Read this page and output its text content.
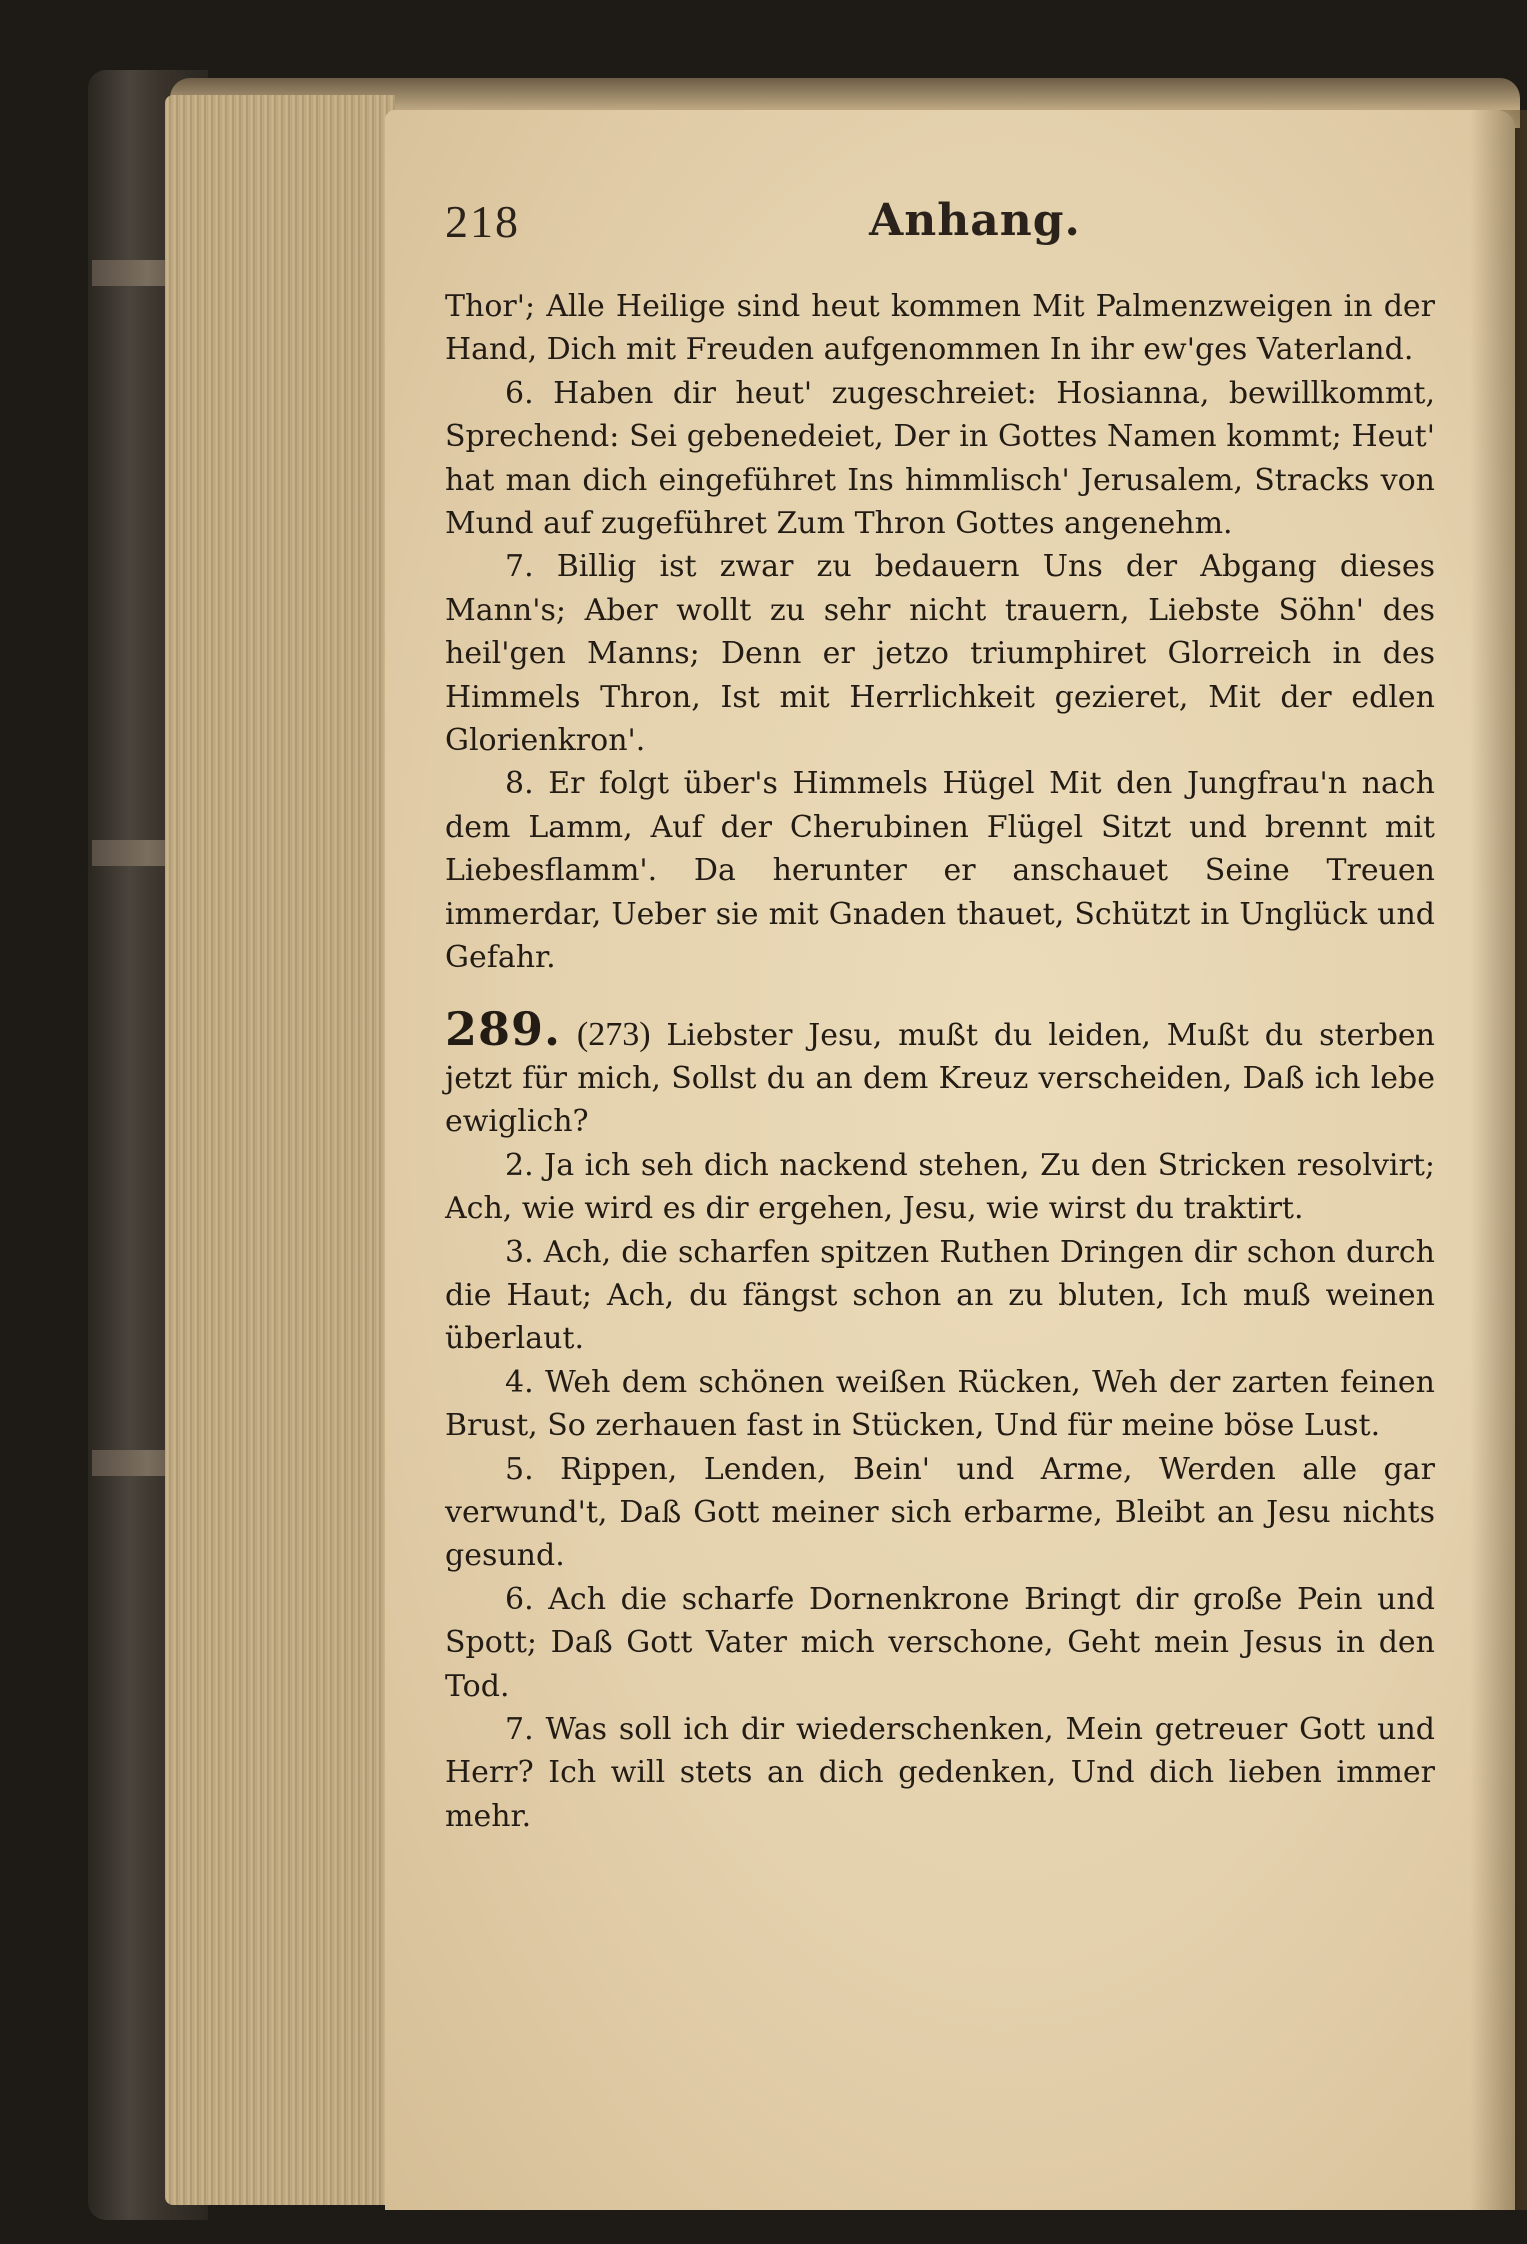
218	Anhang.

Thor'; Alle Heilige sind heut kommen Mit Palmenzweigen in der Hand, Dich mit Freuden aufgenommen In ihr ew'ges Vaterland.

6. Haben dir heut' zugeschreiet: Hosianna, bewillkommt, Sprechend: Sei gebenedeiet, Der in Gottes Namen kommt; Heut' hat man dich eingeführet Ins himmlisch' Jerusalem, Stracks von Mund auf zugeführet Zum Thron Gottes angenehm.

7. Billig ist zwar zu bedauern Uns der Abgang dieses Mann's; Aber wollt zu sehr nicht trauern, Liebste Söhn' des heil'gen Manns; Denn er jetzo triumphiret Glorreich in des Himmels Thron, Ist mit Herrlichkeit gezieret, Mit der edlen Glorienkron'.

8. Er folgt über's Himmels Hügel Mit den Jungfrau'n nach dem Lamm, Auf der Cherubinen Flügel Sitzt und brennt mit Liebesflamm'. Da herunter er anschauet Seine Treuen immerdar, Ueber sie mit Gnaden thauet, Schützt in Unglück und Gefahr.

289. (273) Liebster Jesu, mußt du leiden, Mußt du sterben jetzt für mich, Sollst du an dem Kreuz verscheiden, Daß ich lebe ewiglich?

2. Ja ich seh dich nackend stehen, Zu den Stricken resolvirt; Ach, wie wird es dir ergehen, Jesu, wie wirst du traktirt.

3. Ach, die scharfen spitzen Ruthen Dringen dir schon durch die Haut; Ach, du fängst schon an zu bluten, Ich muß weinen überlaut.

4. Weh dem schönen weißen Rücken, Weh der zarten feinen Brust, So zerhauen fast in Stücken, Und für meine böse Lust.

5. Rippen, Lenden, Bein' und Arme, Werden alle gar verwund't, Daß Gott meiner sich erbarme, Bleibt an Jesu nichts gesund.

6. Ach die scharfe Dornenkrone Bringt dir große Pein und Spott; Daß Gott Vater mich verschone, Geht mein Jesus in den Tod.

7. Was soll ich dir wiederschenken, Mein getreuer Gott und Herr? Ich will stets an dich gedenken, Und dich lieben immer mehr.
